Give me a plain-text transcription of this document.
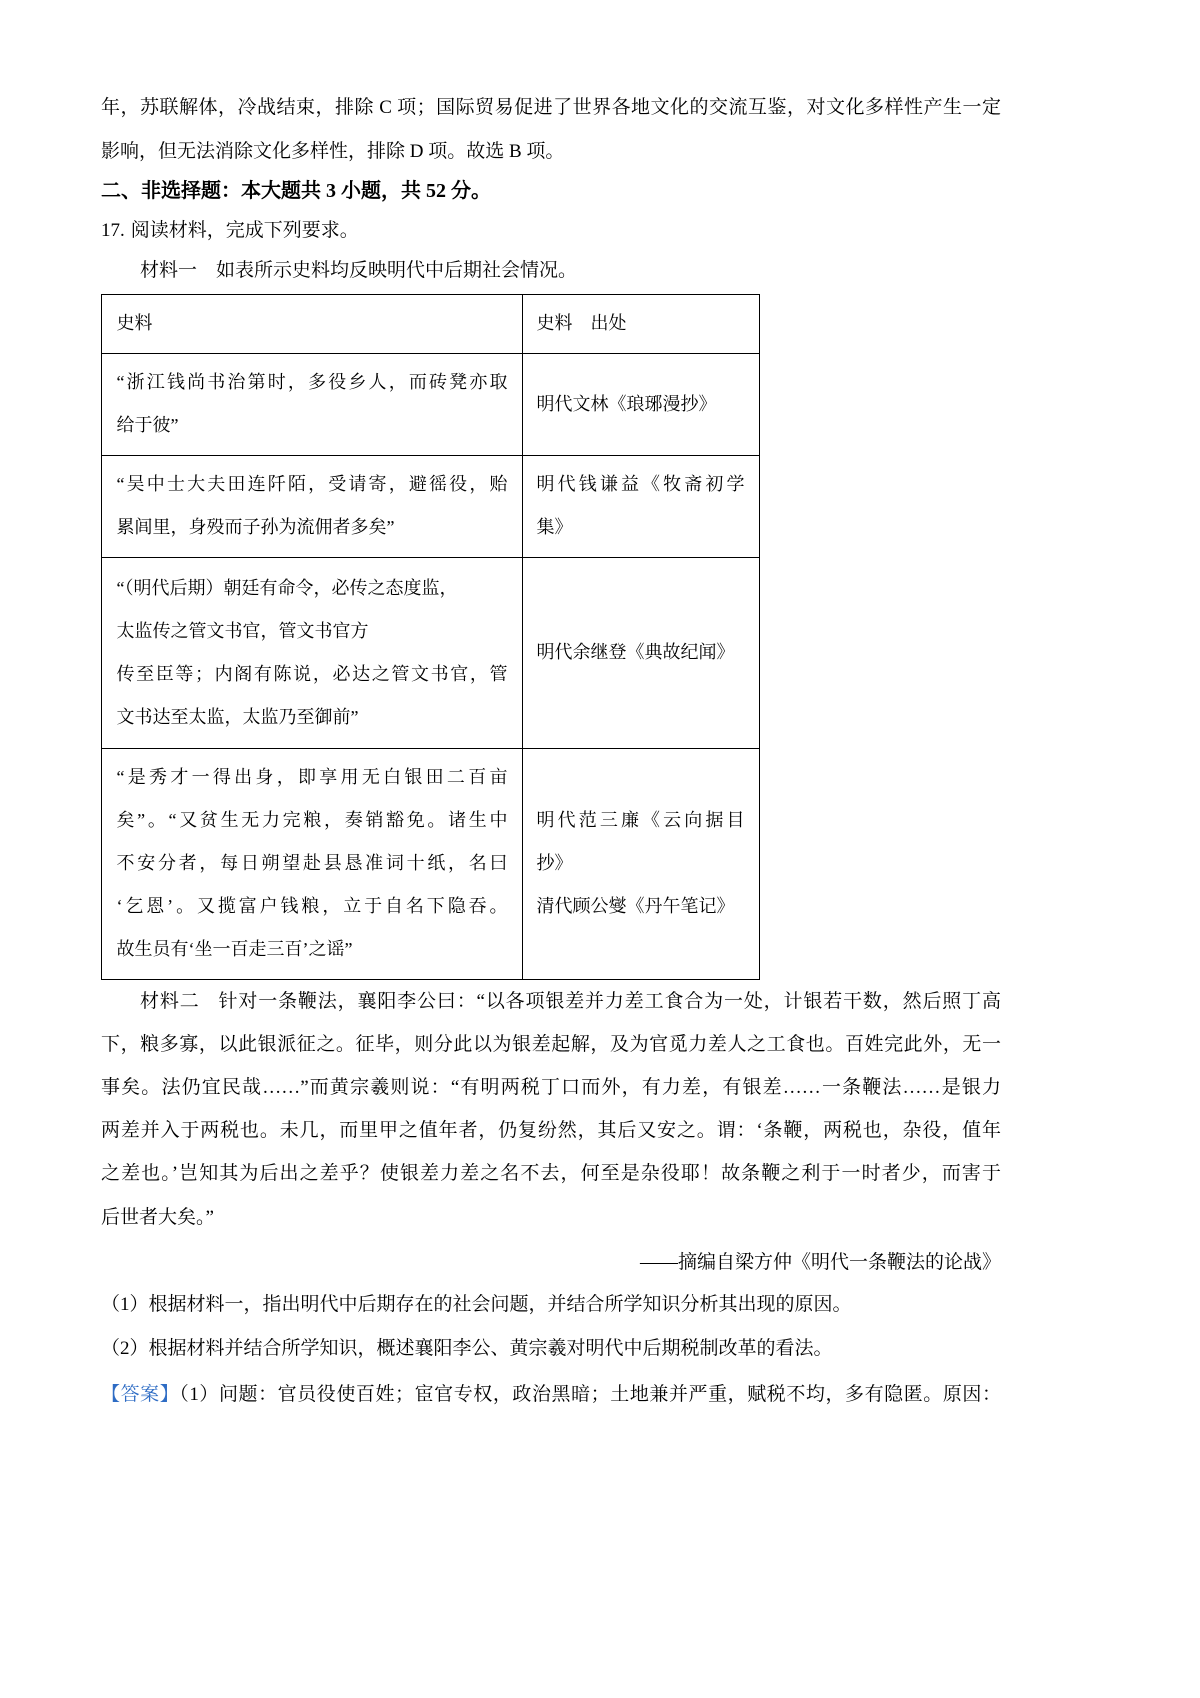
年，苏联解体，冷战结束，排除 C 项；国际贸易促进了世界各地文化的交流互鉴，对文化多样性产生一定
影响，但无法消除文化多样性，排除 D 项。故选 B 项。
二、非选择题：本大题共 3 小题，共 52 分。
17. 阅读材料，完成下列要求。
材料一 如表所示史料均反映明代中后期社会情况。
史料	史料　出处
“浙江钱尚书治第时，多役乡人，而砖凳亦取
给于彼”
明代文林《琅琊漫抄》
“吴中士大夫田连阡陌，受请寄，避徭役，贻
累闾里，身殁而子孙为流佣者多矣”
明代钱谦益《牧斋初学
集》
“（明代后期）朝廷有命令，必传之态度监，
太监传之管文书官，管文书官方
传至臣等；内阁有陈说，必达之管文书官，管
文书达至太监，太监乃至御前”
明代余继登《典故纪闻》
“是秀才一得出身，即享用无白银田二百亩
矣”。“又贫生无力完粮，奏销豁免。诸生中
不安分者，每日朔望赴县恳准词十纸，名曰
‘乞恩’。又揽富户钱粮，立于自名下隐吞。
故生员有‘坐一百走三百’之谣”
明代范三廉《云向据目
抄》
清代顾公燮《丹午笔记》
材料二 针对一条鞭法，襄阳李公曰：“以各项银差并力差工食合为一处，计银若干数，然后照丁高
下，粮多寡，以此银派征之。征毕，则分此以为银差起解，及为官觅力差人之工食也。百姓完此外，无一
事矣。法仍宜民哉……”而黄宗羲则说：“有明两税丁口而外，有力差，有银差……一条鞭法……是银力
两差并入于两税也。未几，而里甲之值年者，仍复纷然，其后又安之。谓：‘条鞭，两税也，杂役，值年
之差也。’岂知其为后出之差乎？使银差力差之名不去，何至是杂役耶！故条鞭之利于一时者少，而害于
后世者大矣。”
——摘编自梁方仲《明代一条鞭法的论战》
（1）根据材料一，指出明代中后期存在的社会问题，并结合所学知识分析其出现的原因。
（2）根据材料并结合所学知识，概述襄阳李公、黄宗羲对明代中后期税制改革的看法。
【答案】（1）问题：官员役使百姓；宦官专权，政治黑暗；土地兼并严重，赋税不均，多有隐匿。原因：
